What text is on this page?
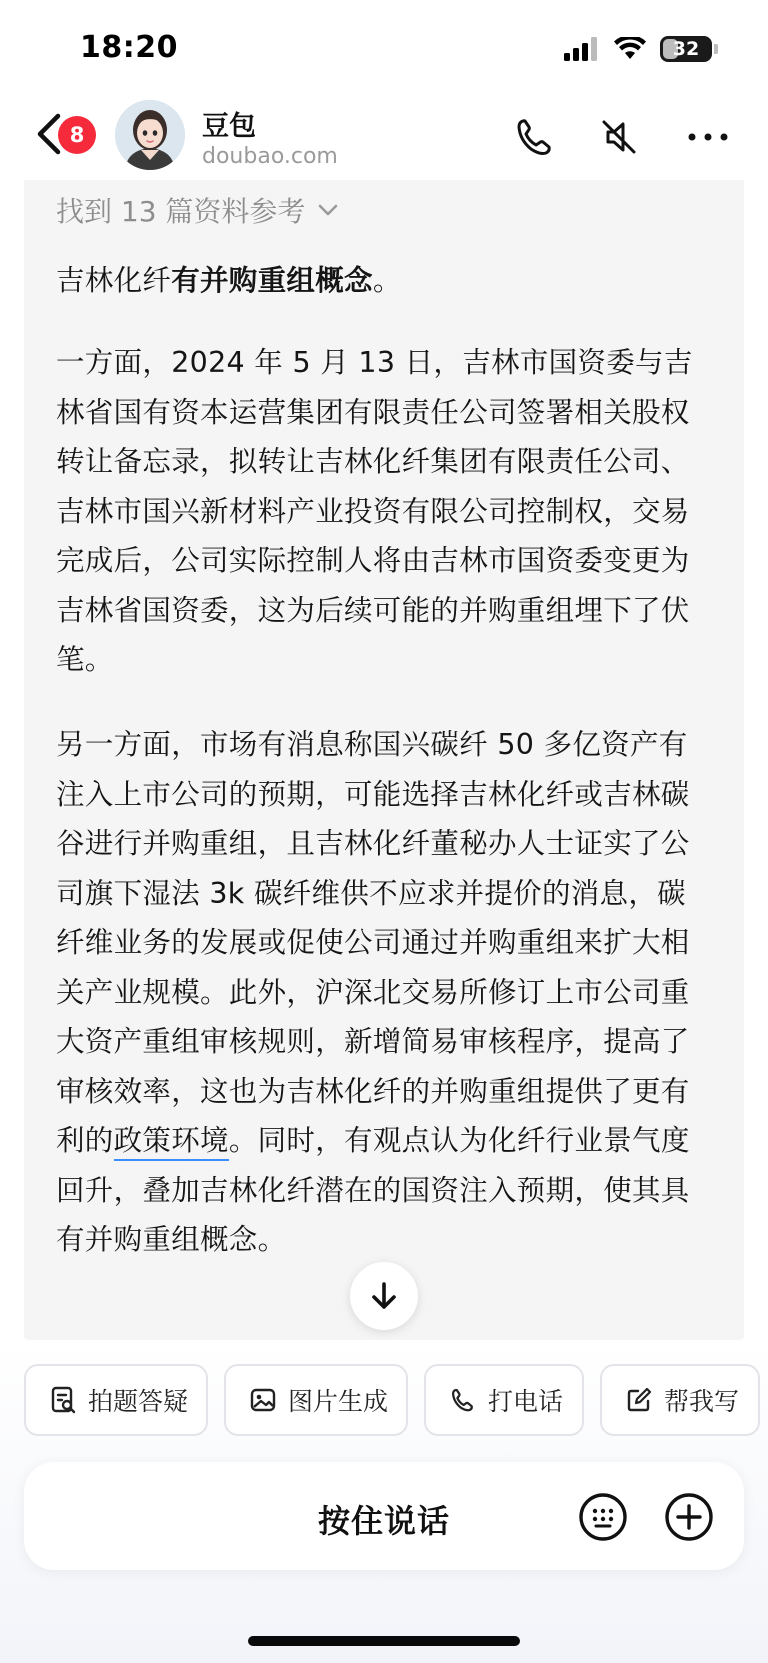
18:20	32
8	豆包
doubao.com
找到 13 篇资料参考
吉林化纤有并购重组概念。
一方面，2024 年 5 月 13 日，吉林市国资委与吉林省国有资本运营集团有限责任公司签署相关股权转让备忘录，拟转让吉林化纤集团有限责任公司、吉林市国兴新材料产业投资有限公司控制权，交易完成后，公司实际控制人将由吉林市国资委变更为吉林省国资委，这为后续可能的并购重组埋下了伏笔。
另一方面，市场有消息称国兴碳纤 50 多亿资产有注入上市公司的预期，可能选择吉林化纤或吉林碳谷进行并购重组，且吉林化纤董秘办人士证实了公司旗下湿法 3k 碳纤维供不应求并提价的消息，碳纤维业务的发展或促使公司通过并购重组来扩大相关产业规模。此外，沪深北交易所修订上市公司重大资产重组审核规则，新增简易审核程序，提高了审核效率，这也为吉林化纤的并购重组提供了更有利的政策环境。同时，有观点认为化纤行业景气度回升，叠加吉林化纤潜在的国资注入预期，使其具有并购重组概念。
拍题答疑	图片生成	打电话	帮我写
按住说话
